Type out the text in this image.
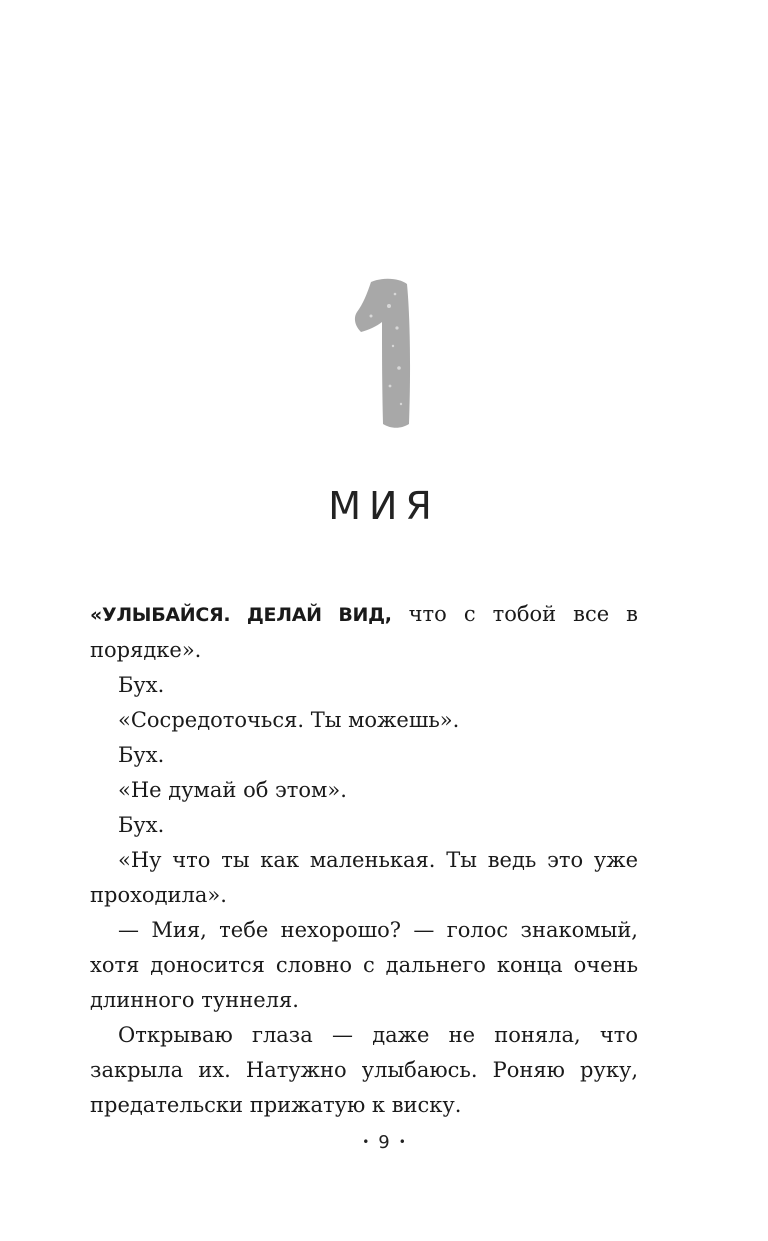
МИЯ

«УЛЫБАЙСЯ. ДЕЛАЙ ВИД, что с тобой все в порядке».

Бух.

«Сосредоточься. Ты можешь».

Бух.

«Не думай об этом».

Бух.

«Ну что ты как маленькая. Ты ведь это уже проходила».

— Мия, тебе нехорошо? — голос знакомый, хотя доносится словно с дальнего конца очень длинного туннеля.

Открываю глаза — даже не поняла, что закрыла их. Натужно улыбаюсь. Роняю руку, предательски прижатую к виску.

• 9 •
